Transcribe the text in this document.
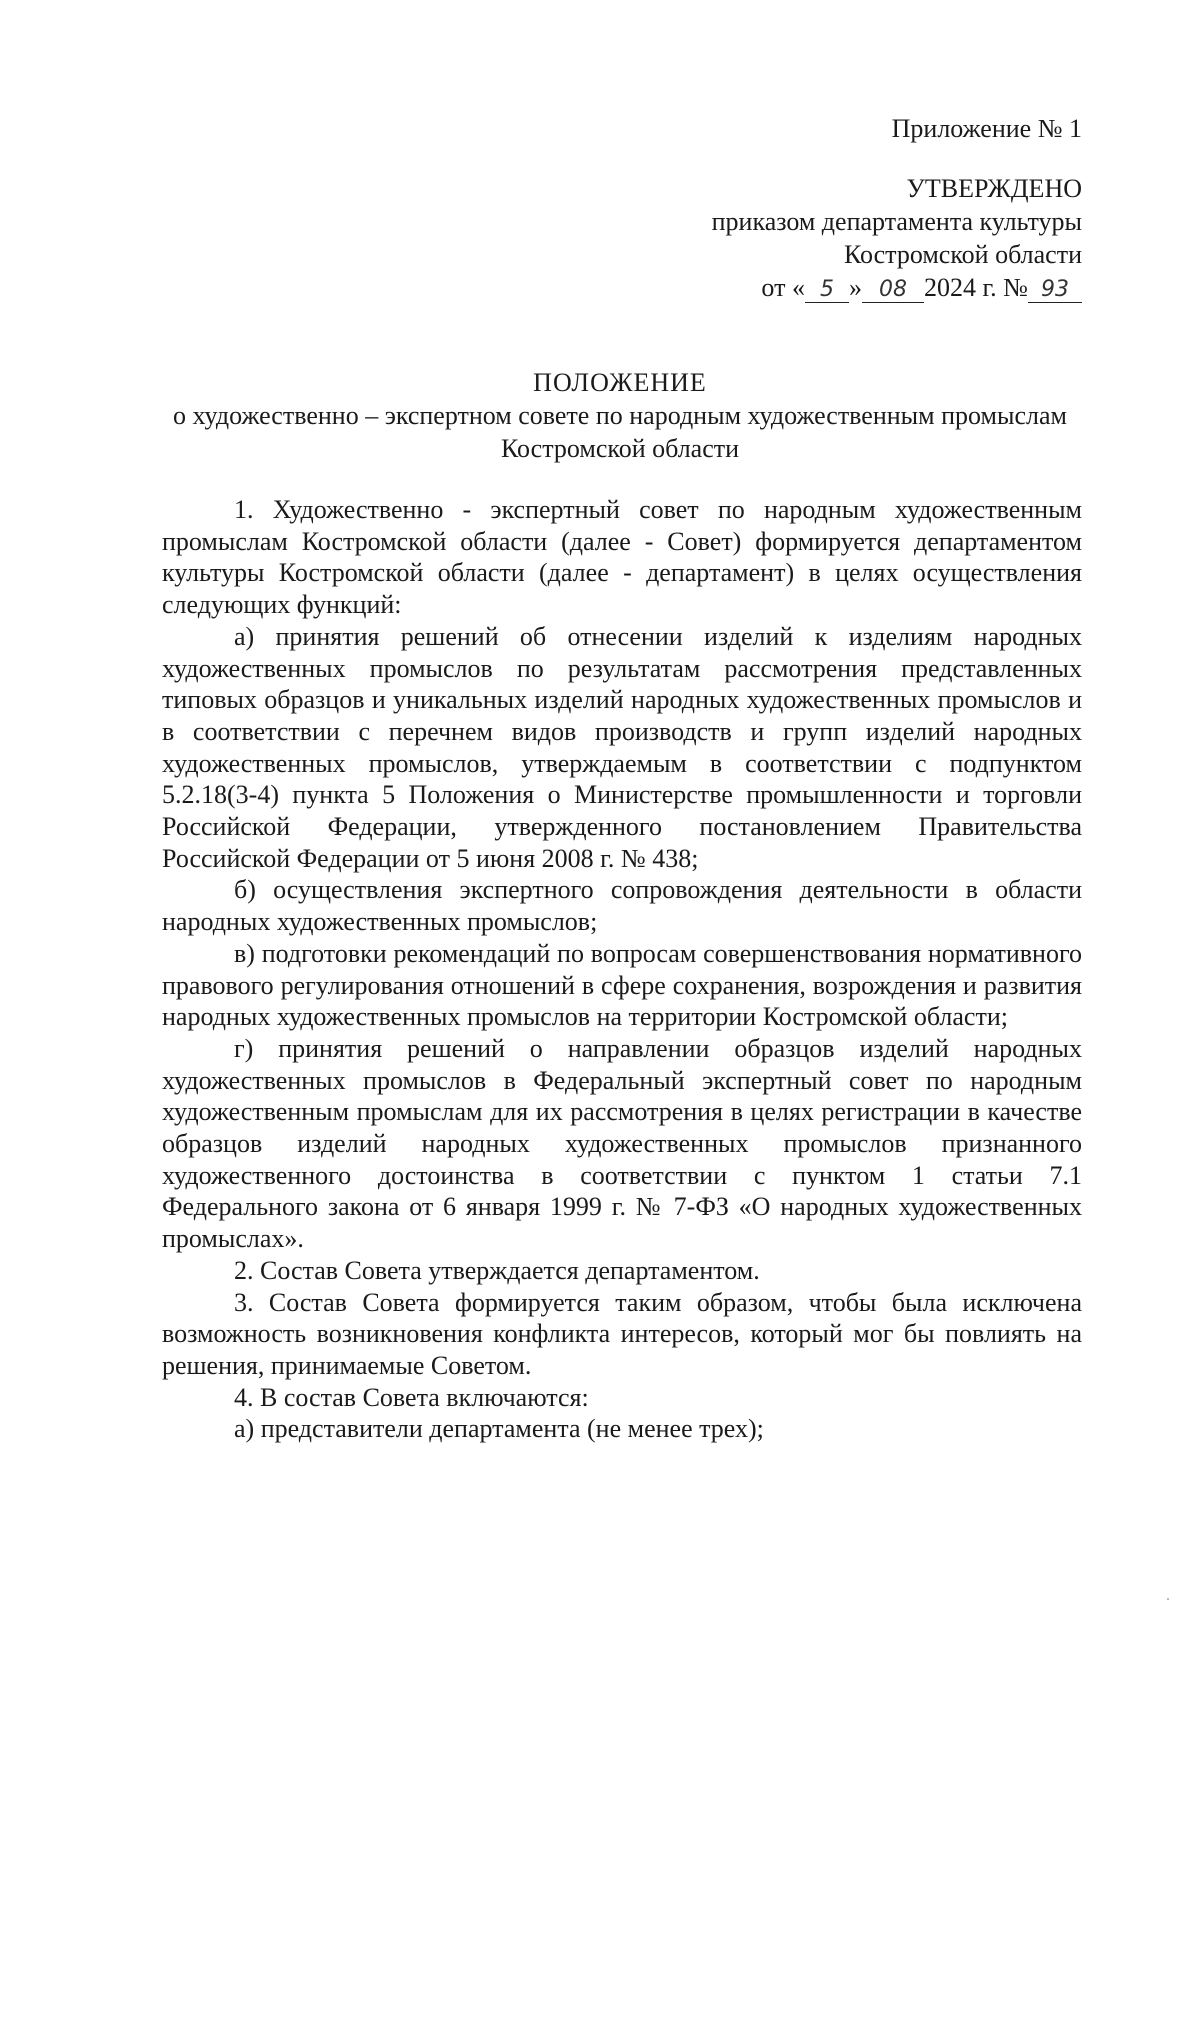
Приложение № 1
УТВЕРЖДЕНО
приказом департамента культуры
Костромской области
от « 5 » 08 2024 г. № 93
ПОЛОЖЕНИЕ
о художественно – экспертном совете по народным художественным промыслам Костромской области

1. Художественно - экспертный совет по народным художественным промыслам Костромской области (далее - Совет) формируется департаментом культуры Костромской области (далее - департамент) в целях осуществления следующих функций:

а) принятия решений об отнесении изделий к изделиям народных художественных промыслов по результатам рассмотрения представленных типовых образцов и уникальных изделий народных художественных промыслов и в соответствии с перечнем видов производств и групп изделий народных художественных промыслов, утверждаемым в соответствии с подпунктом 5.2.18(3-4) пункта 5 Положения о Министерстве промышленности и торговли Российской Федерации, утвержденного постановлением Правительства Российской Федерации от 5 июня 2008 г. № 438;

б) осуществления экспертного сопровождения деятельности в области народных художественных промыслов;

в) подготовки рекомендаций по вопросам совершенствования нормативного правового регулирования отношений в сфере сохранения, возрождения и развития народных художественных промыслов на территории Костромской области;

г) принятия решений о направлении образцов изделий народных художественных промыслов в Федеральный экспертный совет по народным художественным промыслам для их рассмотрения в целях регистрации в качестве образцов изделий народных художественных промыслов признанного художественного достоинства в соответствии с пунктом 1 статьи 7.1 Федерального закона от 6 января 1999 г. № 7-ФЗ «О народных художественных промыслах».

2. Состав Совета утверждается департаментом.

3. Состав Совета формируется таким образом, чтобы была исключена возможность возникновения конфликта интересов, который мог бы повлиять на решения, принимаемые Советом.

4. В состав Совета включаются:

а) представители департамента (не менее трех);
